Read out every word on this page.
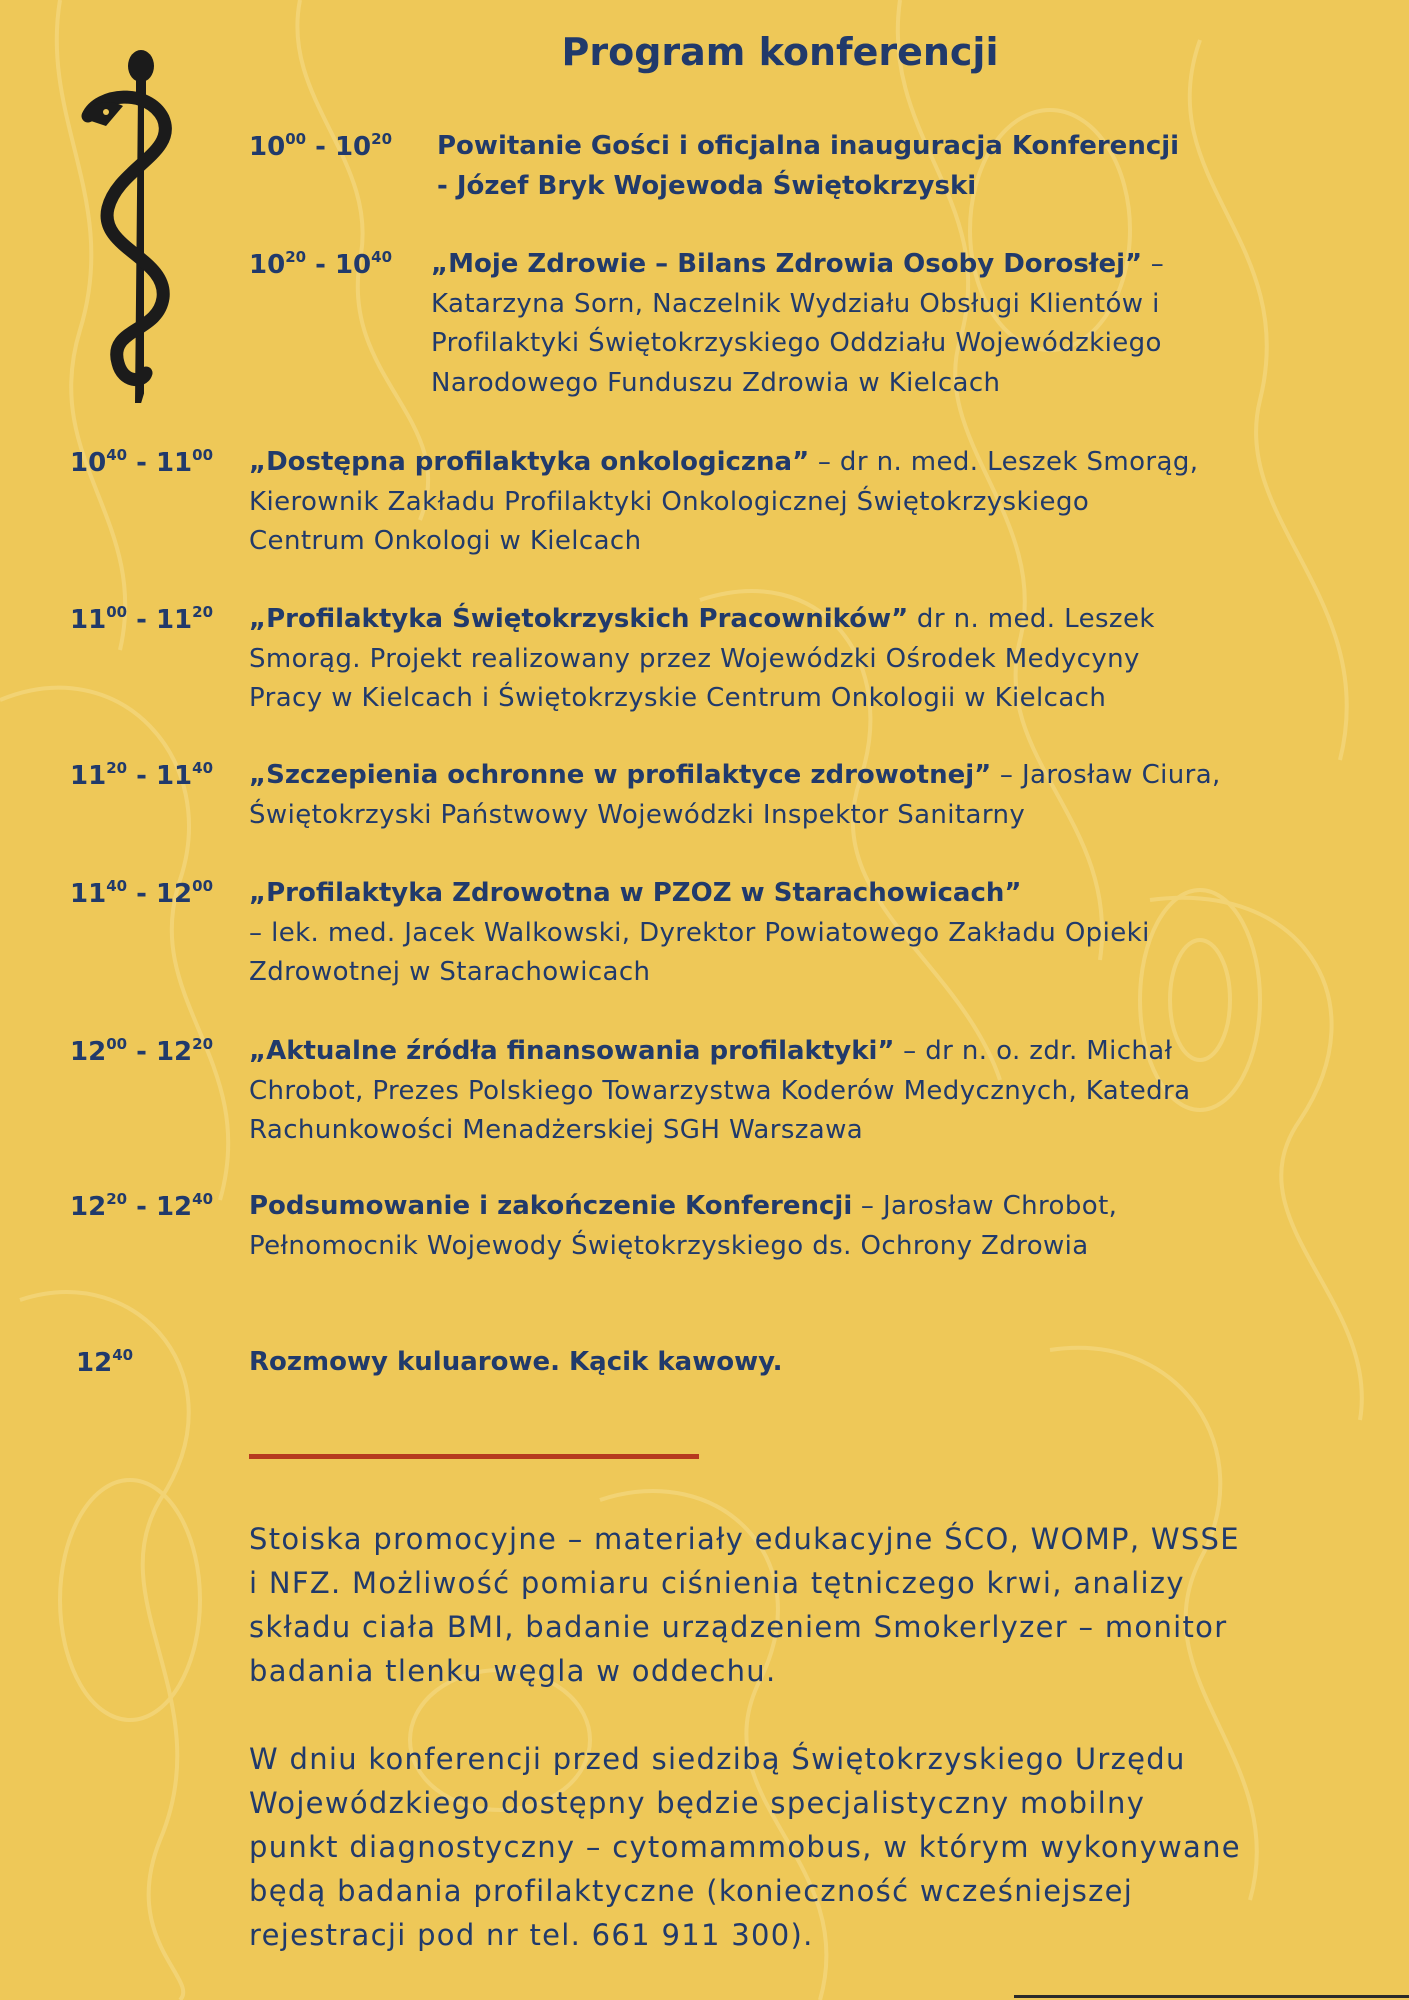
Program konferencji
$10^{00} - 10^{20}$ Powitanie Gości i oficjalna inauguracja Konferencji
- Józef Bryk Wojewoda Świętokrzyski
$10^{20} - 10^{40}$ „Moje Zdrowie – Bilans Zdrowia Osoby Dorosłej” –
Katarzyna Sorn, Naczelnik Wydziału Obsługi Klientów i
Profilaktyki Świętokrzyskiego Oddziału Wojewódzkiego
Narodowego Funduszu Zdrowia w Kielcach
$10^{40} - 11^{00}$ „Dostępna profilaktyka onkologiczna” – dr n. med. Leszek Smorąg,
Kierownik Zakładu Profilaktyki Onkologicznej Świętokrzyskiego
Centrum Onkologi w Kielcach
$11^{00} - 11^{20}$ „Profilaktyka Świętokrzyskich Pracowników” dr n. med. Leszek
Smorąg. Projekt realizowany przez Wojewódzki Ośrodek Medycyny
Pracy w Kielcach i Świętokrzyskie Centrum Onkologii w Kielcach
$11^{20} - 11^{40}$ „Szczepienia ochronne w profilaktyce zdrowotnej” – Jarosław Ciura,
Świętokrzyski Państwowy Wojewódzki Inspektor Sanitarny
$11^{40} - 12^{00}$ „Profilaktyka Zdrowotna w PZOZ w Starachowicach”
– lek. med. Jacek Walkowski, Dyrektor Powiatowego Zakładu Opieki
Zdrowotnej w Starachowicach
$12^{00} - 12^{20}$ „Aktualne źródła finansowania profilaktyki” – dr n. o. zdr. Michał
Chrobot, Prezes Polskiego Towarzystwa Koderów Medycznych, Katedra
Rachunkowości Menadżerskiej SGH Warszawa
$12^{20} - 12^{40}$ Podsumowanie i zakończenie Konferencji – Jarosław Chrobot,
Pełnomocnik Wojewody Świętokrzyskiego ds. Ochrony Zdrowia
$12^{40}$	Rozmowy kuluarowe. Kącik kawowy.
Stoiska promocyjne – materiały edukacyjne ŚCO, WOMP, WSSE
i NFZ. Możliwość pomiaru ciśnienia tętniczego krwi, analizy
składu ciała BMI, badanie urządzeniem Smokerlyzer – monitor
badania tlenku węgla w oddechu.
W dniu konferencji przed siedzibą Świętokrzyskiego Urzędu
Wojewódzkiego dostępny będzie specjalistyczny mobilny
punkt diagnostyczny – cytomammobus, w którym wykonywane
będą badania profilaktyczne (konieczność wcześniejszej
rejestracji pod nr tel. 661 911 300).
